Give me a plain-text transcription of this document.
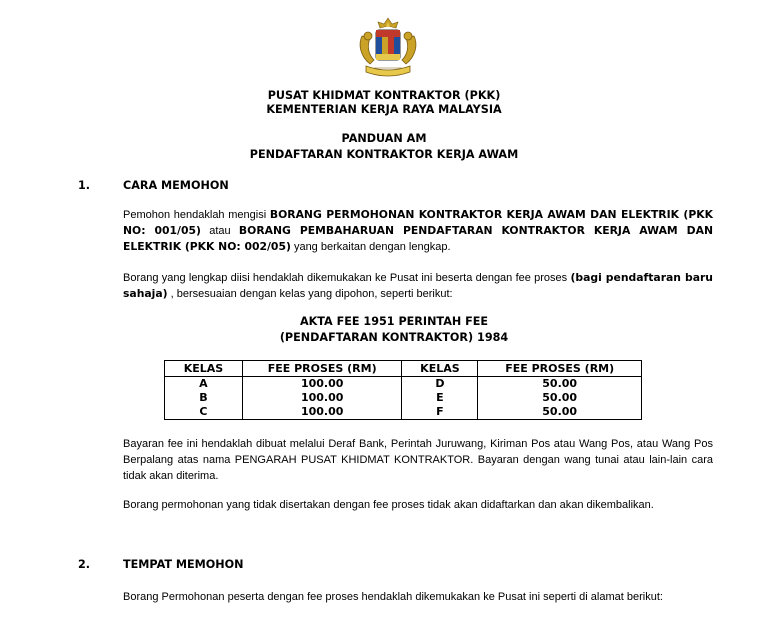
PUSAT KHIDMAT KONTRAKTOR (PKK)
KEMENTERIAN KERJA RAYA MALAYSIA
PANDUAN AM
PENDAFTARAN KONTRAKTOR KERJA AWAM
1.	CARA MEMOHON
Pemohon hendaklah mengisi BORANG PERMOHONAN KONTRAKTOR KERJA AWAM DAN ELEKTRIK (PKK NO: 001/05) atau BORANG PEMBAHARUAN PENDAFTARAN KONTRAKTOR KERJA AWAM DAN ELEKTRIK (PKK NO: 002/05) yang berkaitan dengan lengkap.
Borang yang lengkap diisi hendaklah dikemukakan ke Pusat ini beserta dengan fee proses (bagi pendaftaran baru sahaja) , bersesuaian dengan kelas yang dipohon, seperti berikut:
AKTA FEE 1951 PERINTAH FEE
(PENDAFTARAN KONTRAKTOR) 1984
KELAS	FEE PROSES (RM)	KELAS	FEE PROSES (RM)
A	100.00	D	50.00
B	100.00	E	50.00
C	100.00	F	50.00
Bayaran fee ini hendaklah dibuat melalui Deraf Bank, Perintah Juruwang, Kiriman Pos atau Wang Pos, atau Wang Pos Berpalang atas nama PENGARAH PUSAT KHIDMAT KONTRAKTOR. Bayaran dengan wang tunai atau lain-lain cara tidak akan diterima.
Borang permohonan yang tidak disertakan dengan fee proses tidak akan didaftarkan dan akan dikembalikan.
2.	TEMPAT MEMOHON
Borang Permohonan peserta dengan fee proses hendaklah dikemukakan ke Pusat ini seperti di alamat berikut:
